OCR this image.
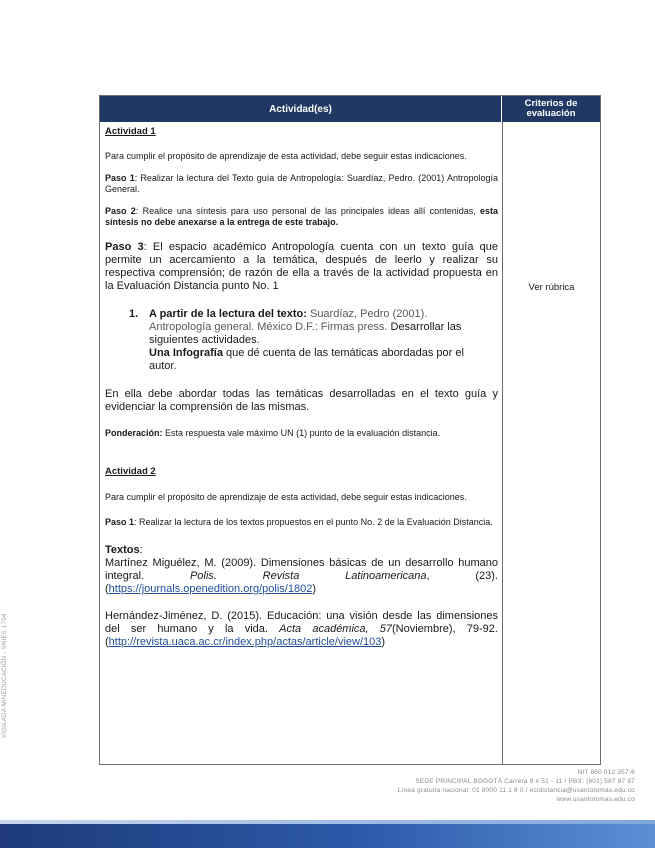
Actividad(es)	Criterios de evaluación

Actividad 1

Para cumplir el propósito de aprendizaje de esta actividad, debe seguir estas indicaciones.

Paso 1: Realizar la lectura del Texto guía de Antropología: Suardíaz, Pedro. (2001) Antropología General.

Paso 2: Realice una síntesis para uso personal de las principales ideas allí contenidas, esta síntesis no debe anexarse a la entrega de este trabajo.

Paso 3: El espacio académico Antropología cuenta con un texto guía que permite un acercamiento a la temática, después de leerlo y realizar su respectiva comprensión; de razón de ella a través de la actividad propuesta en la Evaluación Distancia punto No. 1

1. A partir de la lectura del texto: Suardíaz, Pedro (2001). Antropología general. México D.F.: Firmas press. Desarrollar las siguientes actividades.
Una Infografía que dé cuenta de las temáticas abordadas por el autor.

En ella debe abordar todas las temáticas desarrolladas en el texto guía y evidenciar la comprensión de las mismas.

Ponderación: Esta respuesta vale máximo UN (1) punto de la evaluación distancia.

Actividad 2

Para cumplir el propósito de aprendizaje de esta actividad, debe seguir estas indicaciones.

Paso 1: Realizar la lectura de los textos propuestos en el punto No. 2 de la Evaluación Distancia.

Textos:

Martínez Miguélez, M. (2009). Dimensiones básicas de un desarrollo humano integral. Polis. Revista Latinoamericana, (23). (https://journals.openedition.org/polis/1802)

Hernández-Jiménez, D. (2015). Educación: una visión desde las dimensiones del ser humano y la vida. Acta académica, 57(Noviembre), 79-92. (http://revista.uaca.ac.cr/index.php/actas/article/view/103)

Ver rúbrica
NIT 860 012 357-6
SEDE PRINCIPAL BOGOTÁ Carrera 9 # 51 - 11 / PBX: (601) 587 87 97
Línea gratuita nacional: 01 8000 11 1 8 0 / ecidistancia@usantotomas.edu.co
www.usantotomas.edu.co
VIGILADA MINEDUCACIÓN - SNIES 1704
